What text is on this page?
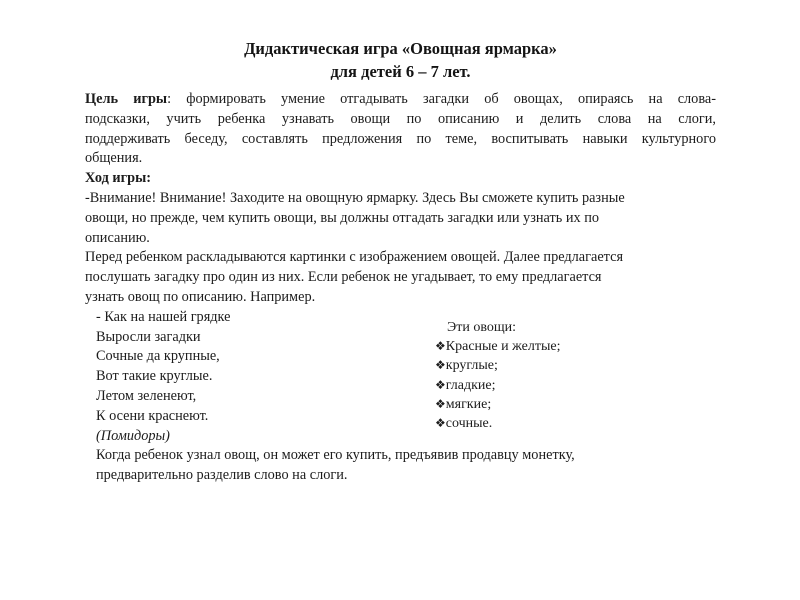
Дидактическая игра «Овощная ярмарка»
для детей 6 – 7 лет.
Цель игры: формировать умение отгадывать загадки об овощах, опираясь на слова-
подсказки, учить ребенка узнавать овощи по описанию и делить слова на слоги,
поддерживать беседу, составлять предложения по теме, воспитывать навыки культурного
общения.
Ход игры:
-Внимание! Внимание! Заходите на овощную ярмарку. Здесь Вы сможете купить разные
овощи, но прежде, чем купить овощи, вы должны отгадать загадки или узнать их по
описанию.
Перед ребенком раскладываются картинки с изображением овощей. Далее предлагается
послушать загадку про один из них. Если ребенок не угадывает, то ему предлагается
узнать овощ по описанию. Например.
- Как на нашей грядке
Выросли загадки
Сочные да крупные,
Вот такие круглые.
Летом зеленеют,
К осени краснеют.
(Помидоры)
Эти овощи:
❖Красные и желтые;
❖круглые;
❖гладкие;
❖мягкие;
❖сочные.
Когда ребенок узнал овощ, он может его купить, предъявив продавцу монетку,
предварительно разделив слово на слоги.
